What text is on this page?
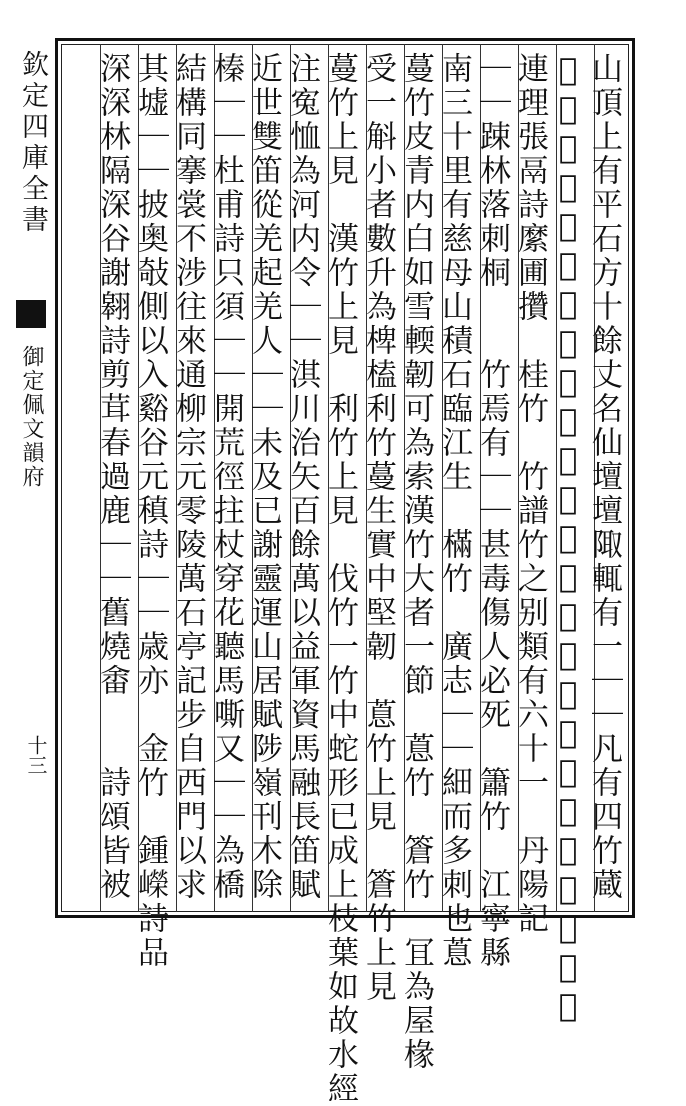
欽定四庫全書
御定佩文韻府
十三	山頂上有平石方十餘丈名仙壇壇陬輒有一｜｜凡有四竹蔵
𮐏青翠風來動音自成宮商異苑東陽留道德家中｜｜林忽生
連理張鬲詩縻圃攢　桂竹　竹譜竹之别類有六十一　丹陽記
｜｜踈林落刺桐　　竹焉有｜｜甚毒傷人必死　簫竹　江寧縣
南三十里有慈母山積石臨江生　樠竹　廣志｜｜細而多刺也蒠
蔓竹皮青内白如雪輭韌可為索漢竹大者一節　蒠竹　篬竹　冝為屋椽
受一斛小者數升為椑榼利竹蔓生實中堅韌　蒠竹上見　篬竹上見
蔓竹上見　漢竹上見　利竹上見　伐竹一竹中蛇形已成上枝葉如故水經
注寃恤為河内令｜｜淇川治矢百餘萬以益軍資馬融長笛賦
近世雙笛從羌起羌人｜｜未及已謝靈運山居賦陟嶺刊木除
榛｜｜杜甫詩只須｜｜開荒徑拄杖穿花聽馬嘶又｜｜為橋
結構同搴裳不涉往來通柳宗元零陵萬石亭記步自西門以求
其墟｜｜披奥敧側以入谿谷元稹詩｜｜歳亦　金竹　鍾嶸詩品
深深林隔深谷謝翱詩剪茸春過鹿｜｜舊燒畬　　詩頌皆被
